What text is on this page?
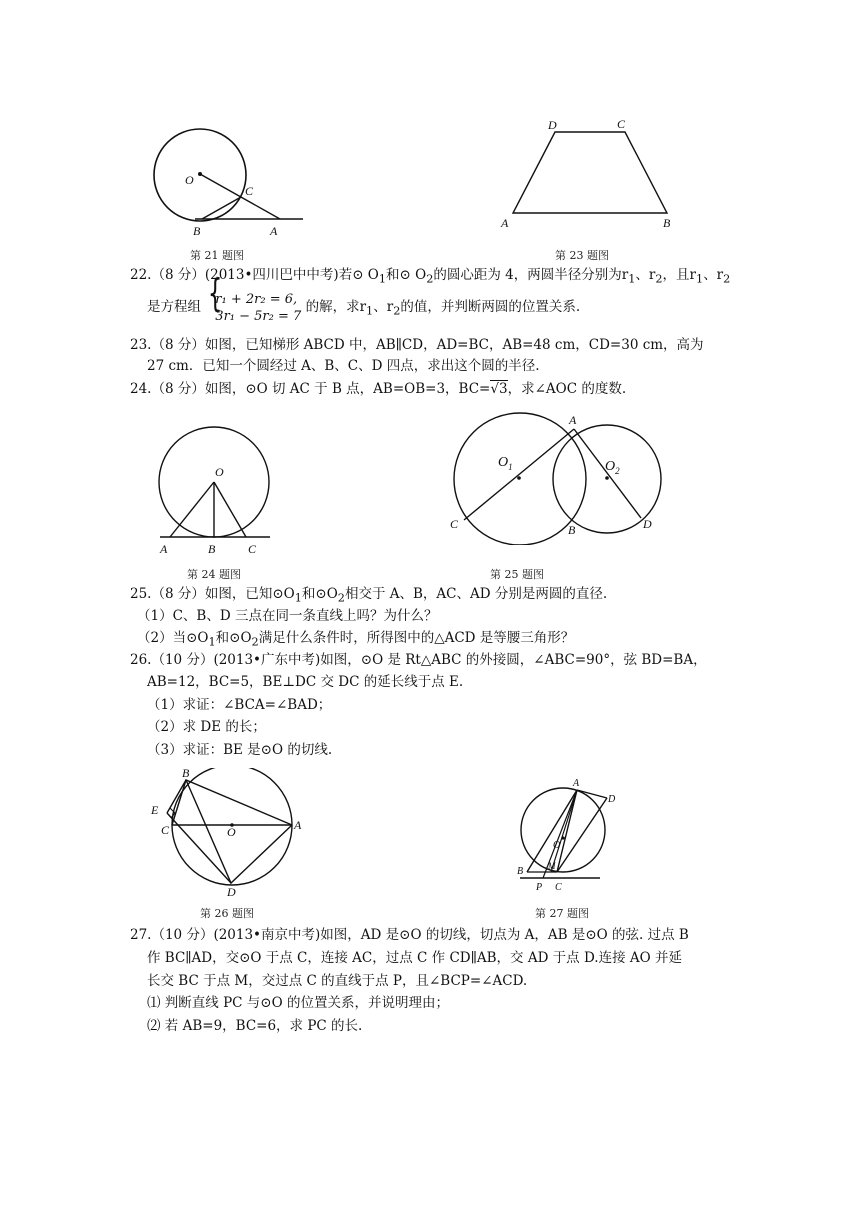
O
C
B	A
第 21 题图
D	C
A	B
第 23 题图
22.（8 分）(2013•四川巴中中考)若⊙ $O_1$和⊙ $O_2$的圆心距为 4，两圆半径分别为$r_1$、$r_2$，且$r_1$、$r_2$
是方程组 { r₁ + 2r₂ = 6,
3r₁ − 5r₂ = 7 的解，求$r_1$、$r_2$的值，并判断两圆的位置关系.
23.（8 分）如图，已知梯形 ABCD 中，AB∥CD，AD=BC，AB=48 cm，CD=30 cm，高为
27 cm．已知一个圆经过 A、B、C、D 四点，求出这个圆的半径.
24.（8 分）如图，⊙O 切 AC 于 B 点，AB=OB=3，BC=√3，求∠AOC 的度数.
O
A	B	C
第 24 题图
A
$O_1$	$O_2$
C	B	D
第 25 题图
25.（8 分）如图，已知$⊙O_1$和$⊙O_2$相交于 A、B，AC、AD 分别是两圆的直径.
（1）C、B、D 三点在同一条直线上吗？为什么？
（2）当$⊙O_1$和$⊙O_2$满足什么条件时，所得图中的△ACD 是等腰三角形？
26.（10 分）(2013•广东中考)如图，⊙O 是 Rt△ABC 的外接圆，∠ABC=90°，弦 BD=BA，
AB=12，BC=5，BE⊥DC 交 DC 的延长线于点 E.
（1）求证：∠BCA=∠BAD；
（2）求 DE 的长；
（3）求证：BE 是⊙O 的切线.
B
E
C	O	A
D
第 26 题图
A
D
O
B	M
P C
第 27 题图
27.（10 分）(2013•南京中考)如图，AD 是⊙O 的切线，切点为 A，AB 是⊙O 的弦. 过点 B
作 BC∥AD，交⊙O 于点 C，连接 AC，过点 C 作 CD∥AB，交 AD 于点 D.连接 AO 并延
长交 BC 于点 M，交过点 C 的直线于点 P，且∠BCP=∠ACD.
⑴ 判断直线 PC 与⊙O 的位置关系，并说明理由；
⑵ 若 AB=9，BC=6，求 PC 的长.
